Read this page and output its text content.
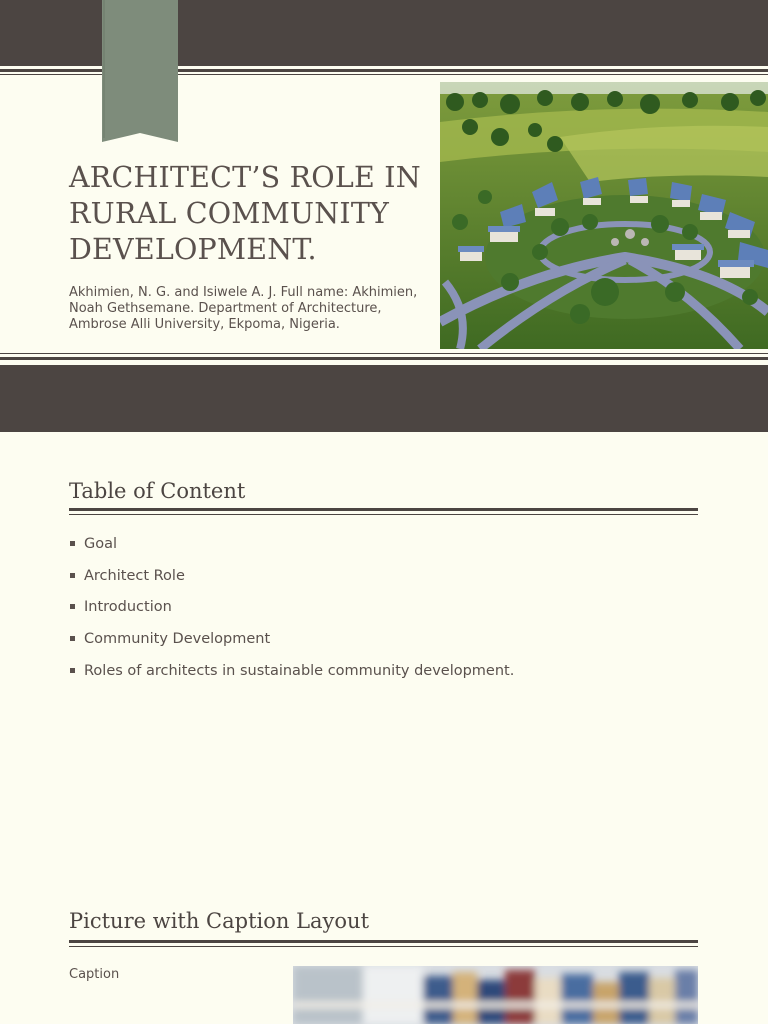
ARCHITECT’S ROLE IN RURAL COMMUNITY DEVELOPMENT.

Akhimien, N. G. and Isiwele A. J. Full name: Akhimien, Noah Gethsemane. Department of Architecture, Ambrose Alli University, Ekpoma, Nigeria.

Table of Content
Goal
Architect Role
Introduction
Community Development
Roles of architects in sustainable community development.
Picture with Caption Layout

Caption
